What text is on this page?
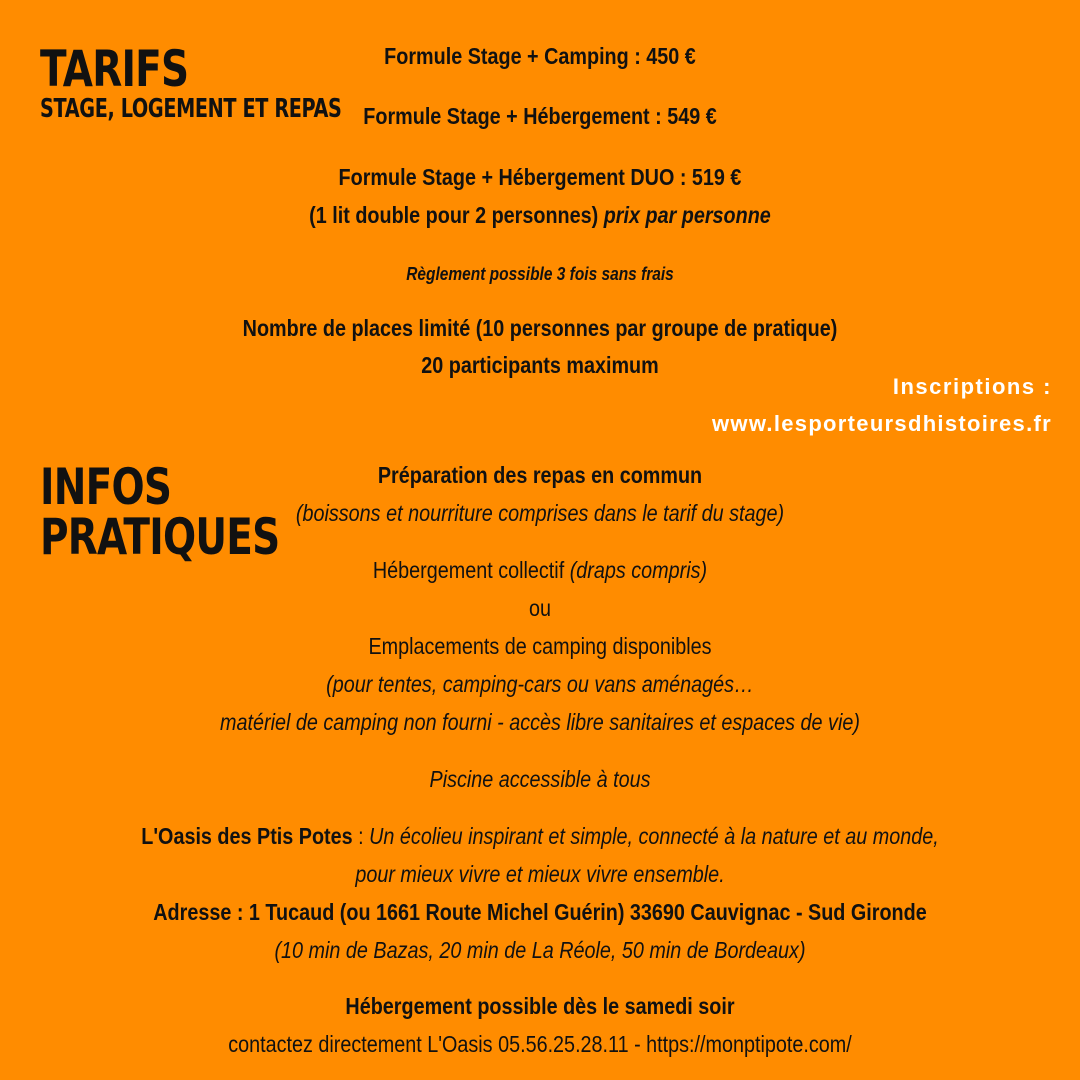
TARIFS
STAGE, LOGEMENT ET REPAS
Formule Stage + Camping : 450 €
Formule Stage + Hébergement : 549 €
Formule Stage + Hébergement DUO : 519 €
(1 lit double pour 2 personnes) prix par personne
Règlement possible 3 fois sans frais
Nombre de places limité (10 personnes par groupe de pratique)
20 participants maximum
Inscriptions :
www.lesporteursdhistoires.fr
INFOS
PRATIQUES
Préparation des repas en commun
(boissons et nourriture comprises dans le tarif du stage)
Hébergement collectif (draps compris)
ou
Emplacements de camping disponibles
(pour tentes, camping-cars ou vans aménagés…
matériel de camping non fourni - accès libre sanitaires et espaces de vie)
Piscine accessible à tous
L'Oasis des Ptis Potes : Un écolieu inspirant et simple, connecté à la nature et au monde,
pour mieux vivre et mieux vivre ensemble.
Adresse : 1 Tucaud (ou 1661 Route Michel Guérin) 33690 Cauvignac - Sud Gironde
(10 min de Bazas, 20 min de La Réole, 50 min de Bordeaux)
Hébergement possible dès le samedi soir
contactez directement L'Oasis 05.56.25.28.11 - https://monptipote.com/
